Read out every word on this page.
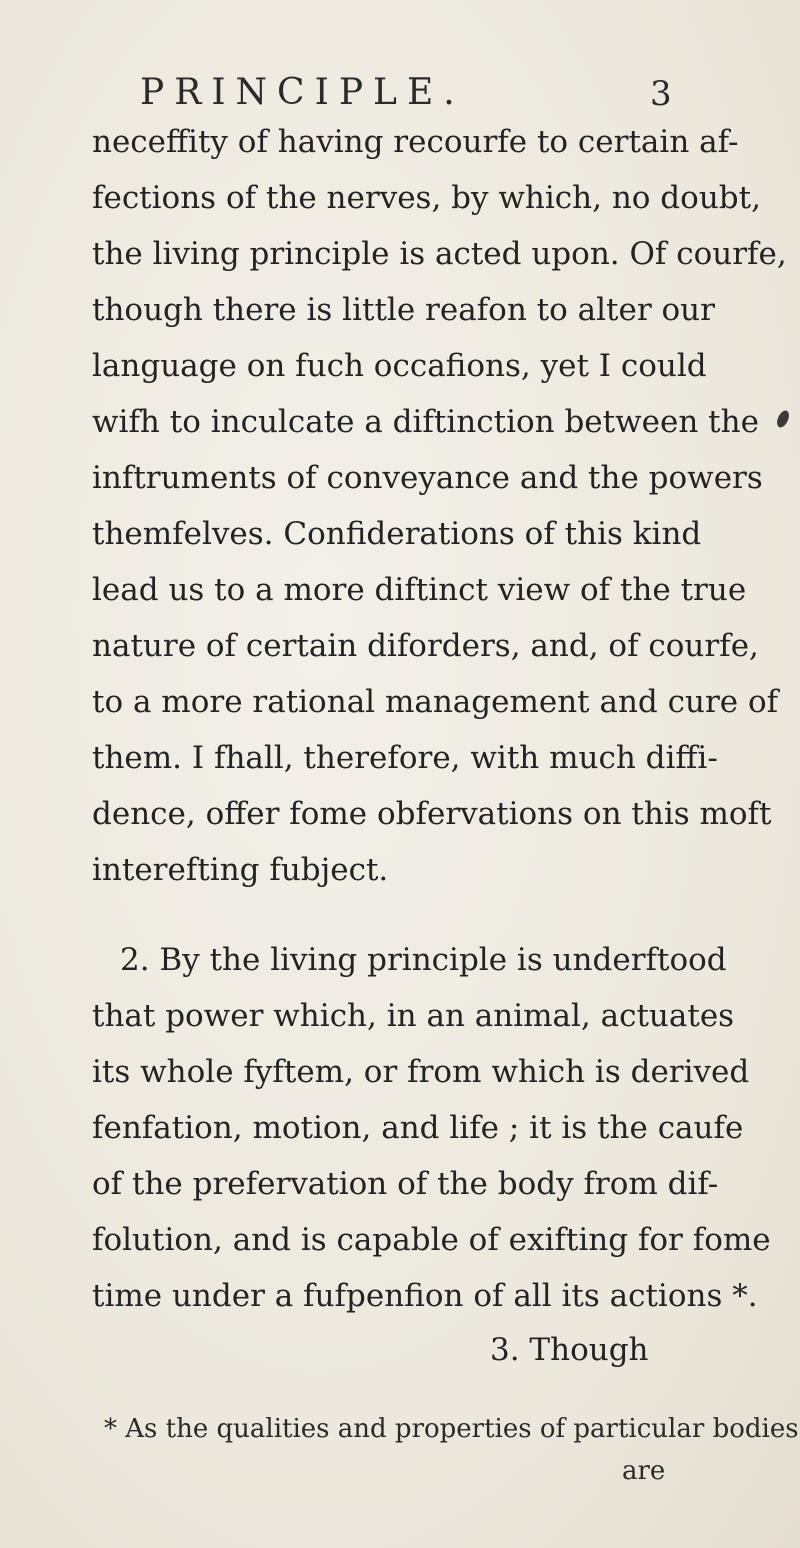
PRINCIPLE.	3
neceffity of having recourfe to certain af-
fections of the nerves, by which, no doubt,
the living principle is acted upon. Of courfe,
though there is little reafon to alter our
language on fuch occafions, yet I could
wifh to inculcate a diftinction between the
inftruments of conveyance and the powers
themfelves. Confiderations of this kind
lead us to a more diftinct view of the true
nature of certain diforders, and, of courfe,
to a more rational management and cure of
them. I fhall, therefore, with much diffi-
dence, offer fome obfervations on this moft
interefting fubject.
2. By the living principle is underftood
that power which, in an animal, actuates
its whole fyftem, or from which is derived
fenfation, motion, and life ; it is the caufe
of the prefervation of the body from dif-
folution, and is capable of exifting for fome
time under a fufpenfion of all its actions *.
3. Though
* As the qualities and properties of particular bodies
are
